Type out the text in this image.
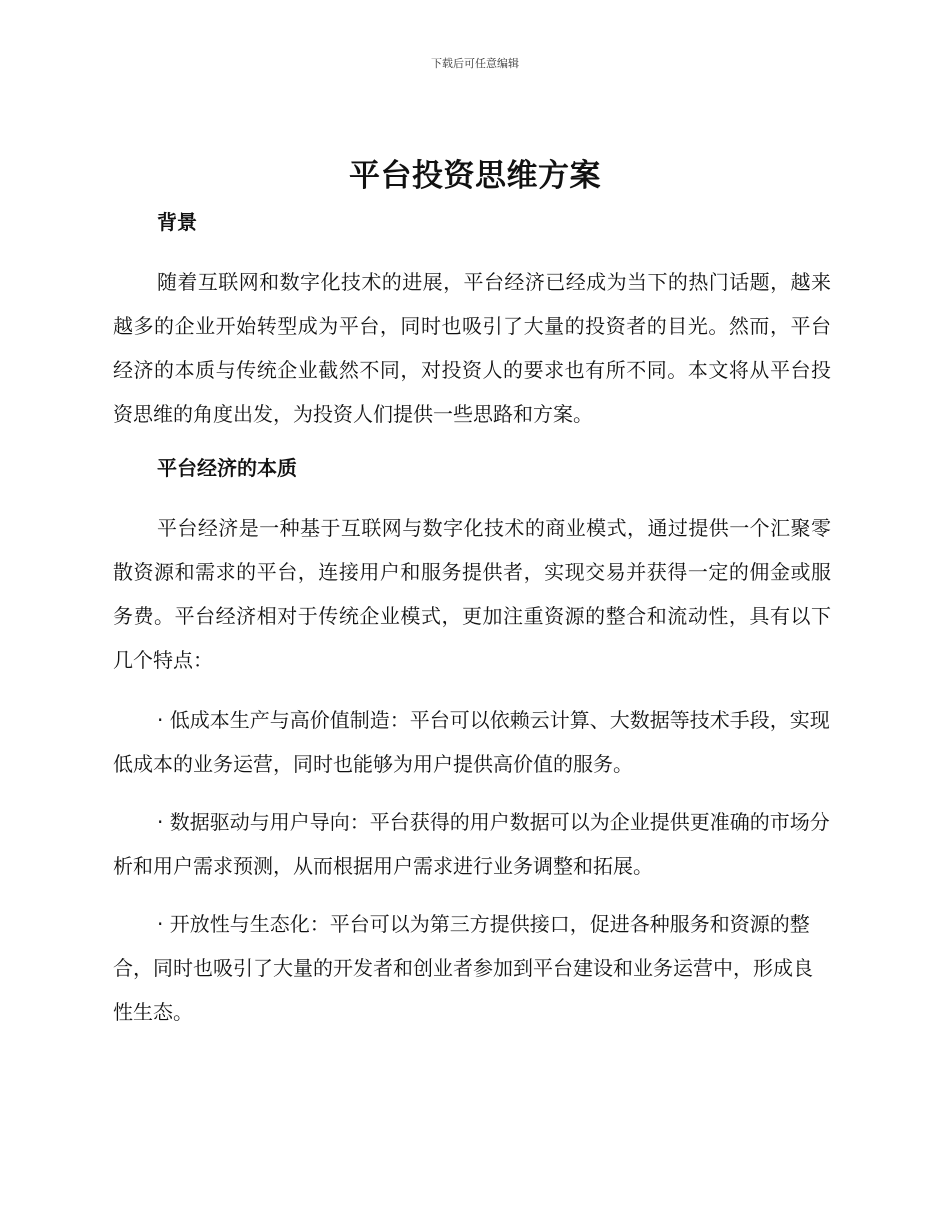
下载后可任意编辑
平台投资思维方案
背景

随着互联网和数字化技术的进展，平台经济已经成为当下的热门话题，越来越多的企业开始转型成为平台，同时也吸引了大量的投资者的目光。然而，平台经济的本质与传统企业截然不同，对投资人的要求也有所不同。本文将从平台投资思维的角度出发，为投资人们提供一些思路和方案。

平台经济的本质

平台经济是一种基于互联网与数字化技术的商业模式，通过提供一个汇聚零散资源和需求的平台，连接用户和服务提供者，实现交易并获得一定的佣金或服务费。平台经济相对于传统企业模式，更加注重资源的整合和流动性，具有以下几个特点：

· 低成本生产与高价值制造：平台可以依赖云计算、大数据等技术手段，实现低成本的业务运营，同时也能够为用户提供高价值的服务。

· 数据驱动与用户导向：平台获得的用户数据可以为企业提供更准确的市场分析和用户需求预测，从而根据用户需求进行业务调整和拓展。

· 开放性与生态化：平台可以为第三方提供接口，促进各种服务和资源的整合，同时也吸引了大量的开发者和创业者参加到平台建设和业务运营中，形成良性生态。
